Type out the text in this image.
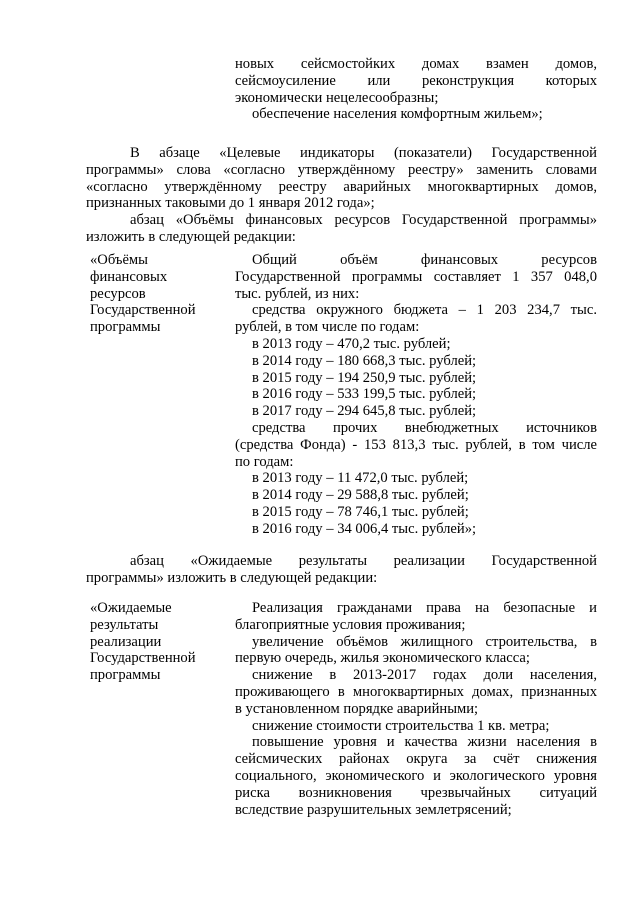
новых сейсмостойких домах взамен домов,
сейсмоусиление или реконструкция которых
экономически нецелесообразны;
обеспечение населения комфортным жильем»;
В абзаце «Целевые индикаторы (показатели) Государственной
программы» слова «согласно утверждённому реестру» заменить словами
«согласно утверждённому реестру аварийных многоквартирных домов,
признанных таковыми до 1 января 2012 года»;
абзац «Объёмы финансовых ресурсов Государственной программы»
изложить в следующей редакции:
«Объёмы
финансовых
ресурсов
Государственной
программы
Общий объём финансовых ресурсов
Государственной программы составляет 1 357 048,0
тыс. рублей, из них:
средства окружного бюджета – 1 203 234,7 тыс.
рублей, в том числе по годам:
в 2013 году – 470,2 тыс. рублей;
в 2014 году – 180 668,3 тыс. рублей;
в 2015 году – 194 250,9 тыс. рублей;
в 2016 году – 533 199,5 тыс. рублей;
в 2017 году – 294 645,8 тыс. рублей;
средства прочих внебюджетных источников
(средства Фонда) - 153 813,3 тыс. рублей, в том числе
по годам:
в 2013 году – 11 472,0 тыс. рублей;
в 2014 году – 29 588,8 тыс. рублей;
в 2015 году – 78 746,1 тыс. рублей;
в 2016 году – 34 006,4 тыс. рублей»;
абзац «Ожидаемые результаты реализации Государственной
программы» изложить в следующей редакции:
«Ожидаемые
результаты
реализации
Государственной
программы
Реализация гражданами права на безопасные и
благоприятные условия проживания;
увеличение объёмов жилищного строительства, в
первую очередь, жилья экономического класса;
снижение в 2013-2017 годах доли населения,
проживающего в многоквартирных домах, признанных
в установленном порядке аварийными;
снижение стоимости строительства 1 кв. метра;
повышение уровня и качества жизни населения в
сейсмических районах округа за счёт снижения
социального, экономического и экологического уровня
риска возникновения чрезвычайных ситуаций
вследствие разрушительных землетрясений;
